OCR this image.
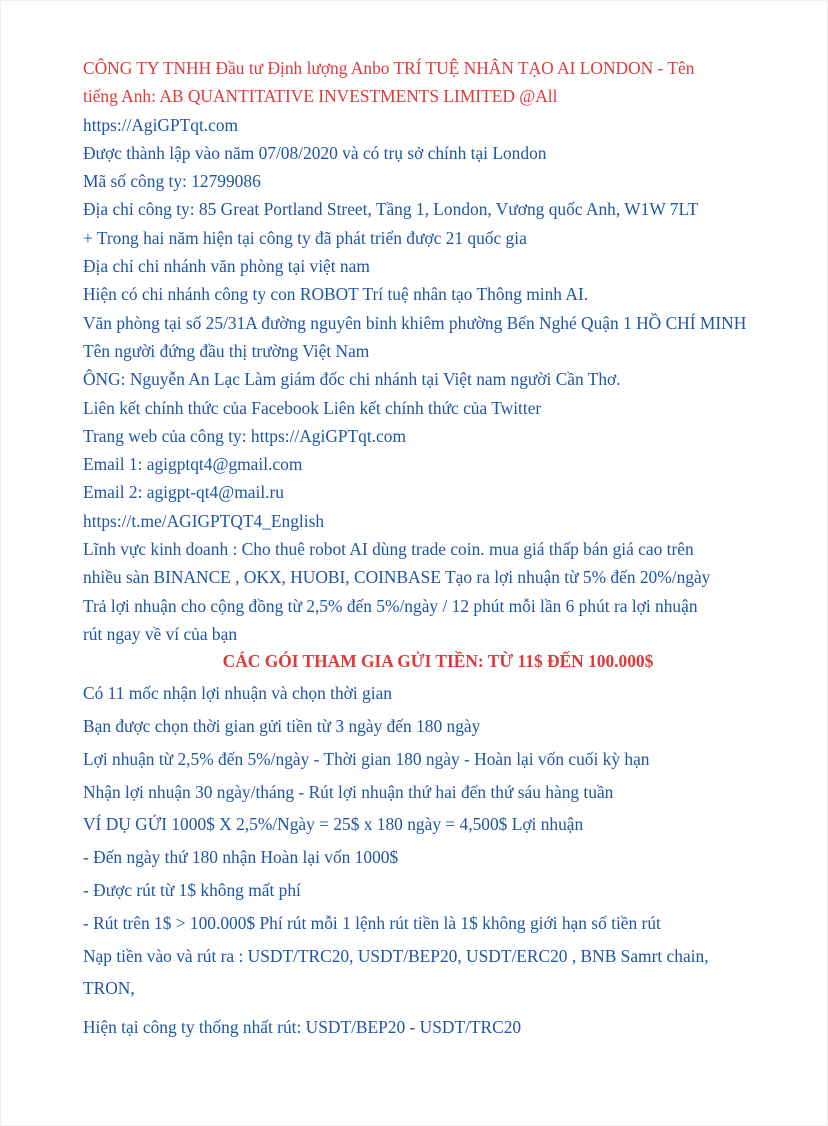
CÔNG TY TNHH Đầu tư Định lượng Anbo TRÍ TUỆ NHÂN TẠO AI LONDON - Tên
tiếng Anh: AB QUANTITATIVE INVESTMENTS LIMITED @All
https://AgiGPTqt.com
Được thành lập vào năm 07/08/2020 và có trụ sở chính tại London
Mã số công ty: 12799086
Địa chỉ công ty: 85 Great Portland Street, Tầng 1, London, Vương quốc Anh, W1W 7LT
+ Trong hai năm hiện tại công ty đã phát triển được 21 quốc gia
Địa chỉ chi nhánh văn phòng tại việt nam
Hiện có chi nhánh công ty con ROBOT Trí tuệ nhân tạo Thông minh AI.
Văn phòng tại số 25/31A đường nguyên bỉnh khiêm phường Bến Nghé Quận 1 HỒ CHÍ MINH
Tên người đứng đầu thị trường Việt Nam
ÔNG: Nguyễn An Lạc Làm giám đốc chi nhánh tại Việt nam người Cần Thơ.
Liên kết chính thức của Facebook Liên kết chính thức của Twitter
Trang web của công ty: https://AgiGPTqt.com
Email 1: agigptqt4@gmail.com
Email 2: agigpt-qt4@mail.ru
https://t.me/AGIGPTQT4_English
Lĩnh vực kinh doanh : Cho thuê robot AI dùng trade coin. mua giá thấp bán giá cao trên
nhiều sàn BINANCE , OKX, HUOBI, COINBASE Tạo ra lợi nhuận từ 5% đến 20%/ngày
Trả lợi nhuận cho cộng đồng từ 2,5% đến 5%/ngày / 12 phút mỗi lần 6 phút ra lợi nhuận
rút ngay về ví của bạn
CÁC GÓI THAM GIA GỬI TIỀN: TỪ 11$ ĐẾN 100.000$
Có 11 mốc nhận lợi nhuận và chọn thời gian
Bạn được chọn thời gian gửi tiền từ 3 ngày đến 180 ngày
Lợi nhuận từ 2,5% đến 5%/ngày - Thời gian 180 ngày - Hoàn lại vốn cuối kỳ hạn
Nhận lợi nhuận 30 ngày/tháng - Rút lợi nhuận thứ hai đến thứ sáu hàng tuần
VÍ DỤ GỬI 1000$ X 2,5%/Ngày = 25$ x 180 ngày = 4,500$ Lợi nhuận
- Đến ngày thứ 180 nhận Hoàn lại vốn 1000$
- Được rút từ 1$ không mất phí
- Rút trên 1$ > 100.000$ Phí rút mỗi 1 lệnh rút tiền là 1$ không giới hạn số tiền rút
Nạp tiền vào và rút ra : USDT/TRC20, USDT/BEP20, USDT/ERC20 , BNB Samrt chain,
TRON,
Hiện tại công ty thống nhất rút: USDT/BEP20 - USDT/TRC20
